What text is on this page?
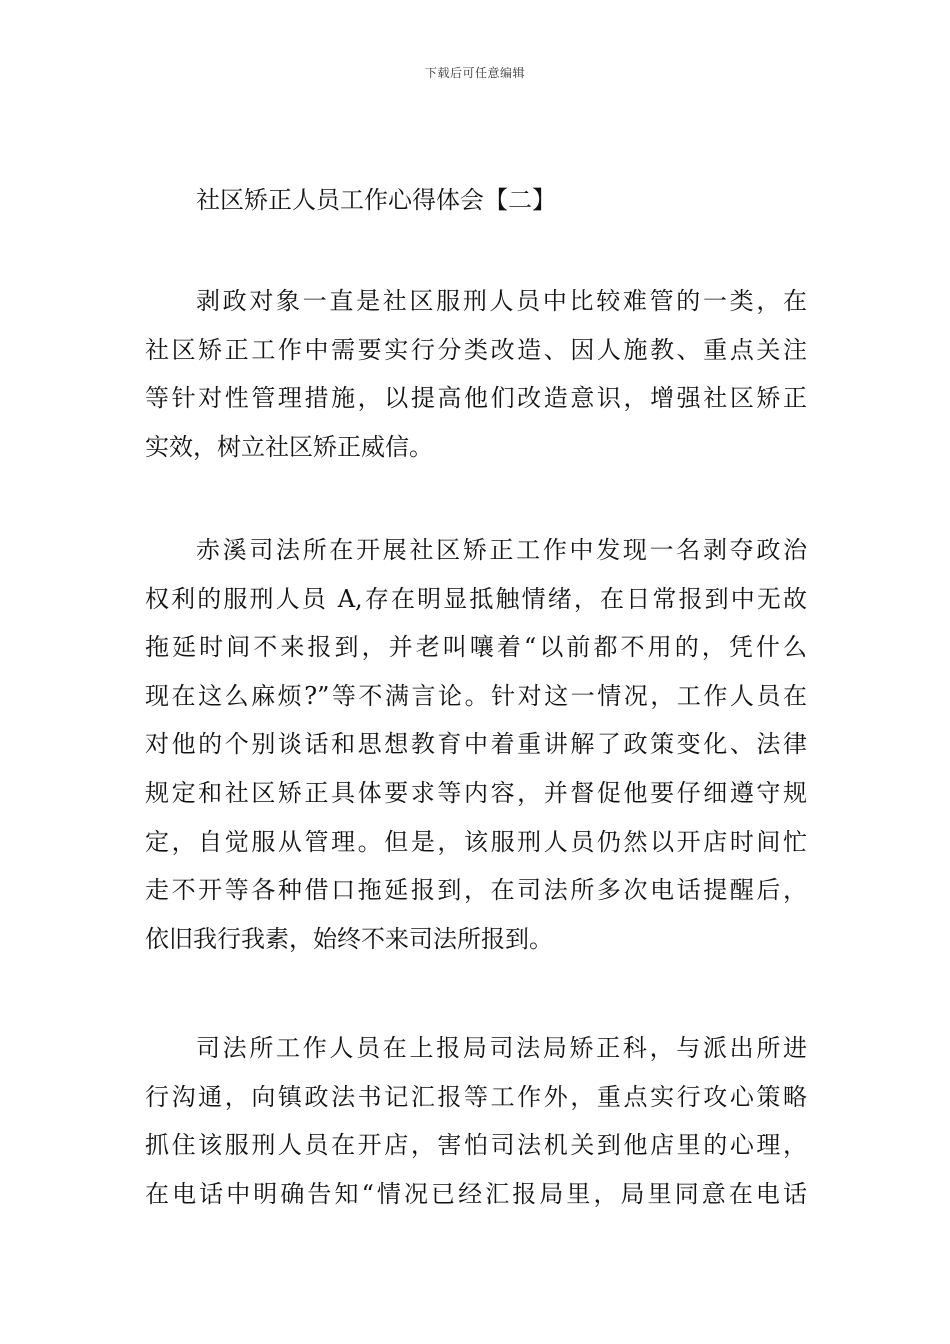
下载后可任意编辑
社区矫正人员工作心得体会【二】
剥政对象一直是社区服刑人员中比较难管的一类，在
社区矫正工作中需要实行分类改造、因人施教、重点关注
等针对性管理措施，以提高他们改造意识，增强社区矫正
实效，树立社区矫正威信。
赤溪司法所在开展社区矫正工作中发现一名剥夺政治
权利的服刑人员 A,存在明显抵触情绪，在日常报到中无故
拖延时间不来报到，并老叫嚷着“以前都不用的，凭什么
现在这么麻烦?”等不满言论。针对这一情况，工作人员在
对他的个别谈话和思想教育中着重讲解了政策变化、法律
规定和社区矫正具体要求等内容，并督促他要仔细遵守规
定，自觉服从管理。但是，该服刑人员仍然以开店时间忙
走不开等各种借口拖延报到，在司法所多次电话提醒后，
依旧我行我素，始终不来司法所报到。
司法所工作人员在上报局司法局矫正科，与派出所进
行沟通，向镇政法书记汇报等工作外，重点实行攻心策略
抓住该服刑人员在开店，害怕司法机关到他店里的心理，
在电话中明确告知“情况已经汇报局里，局里同意在电话
